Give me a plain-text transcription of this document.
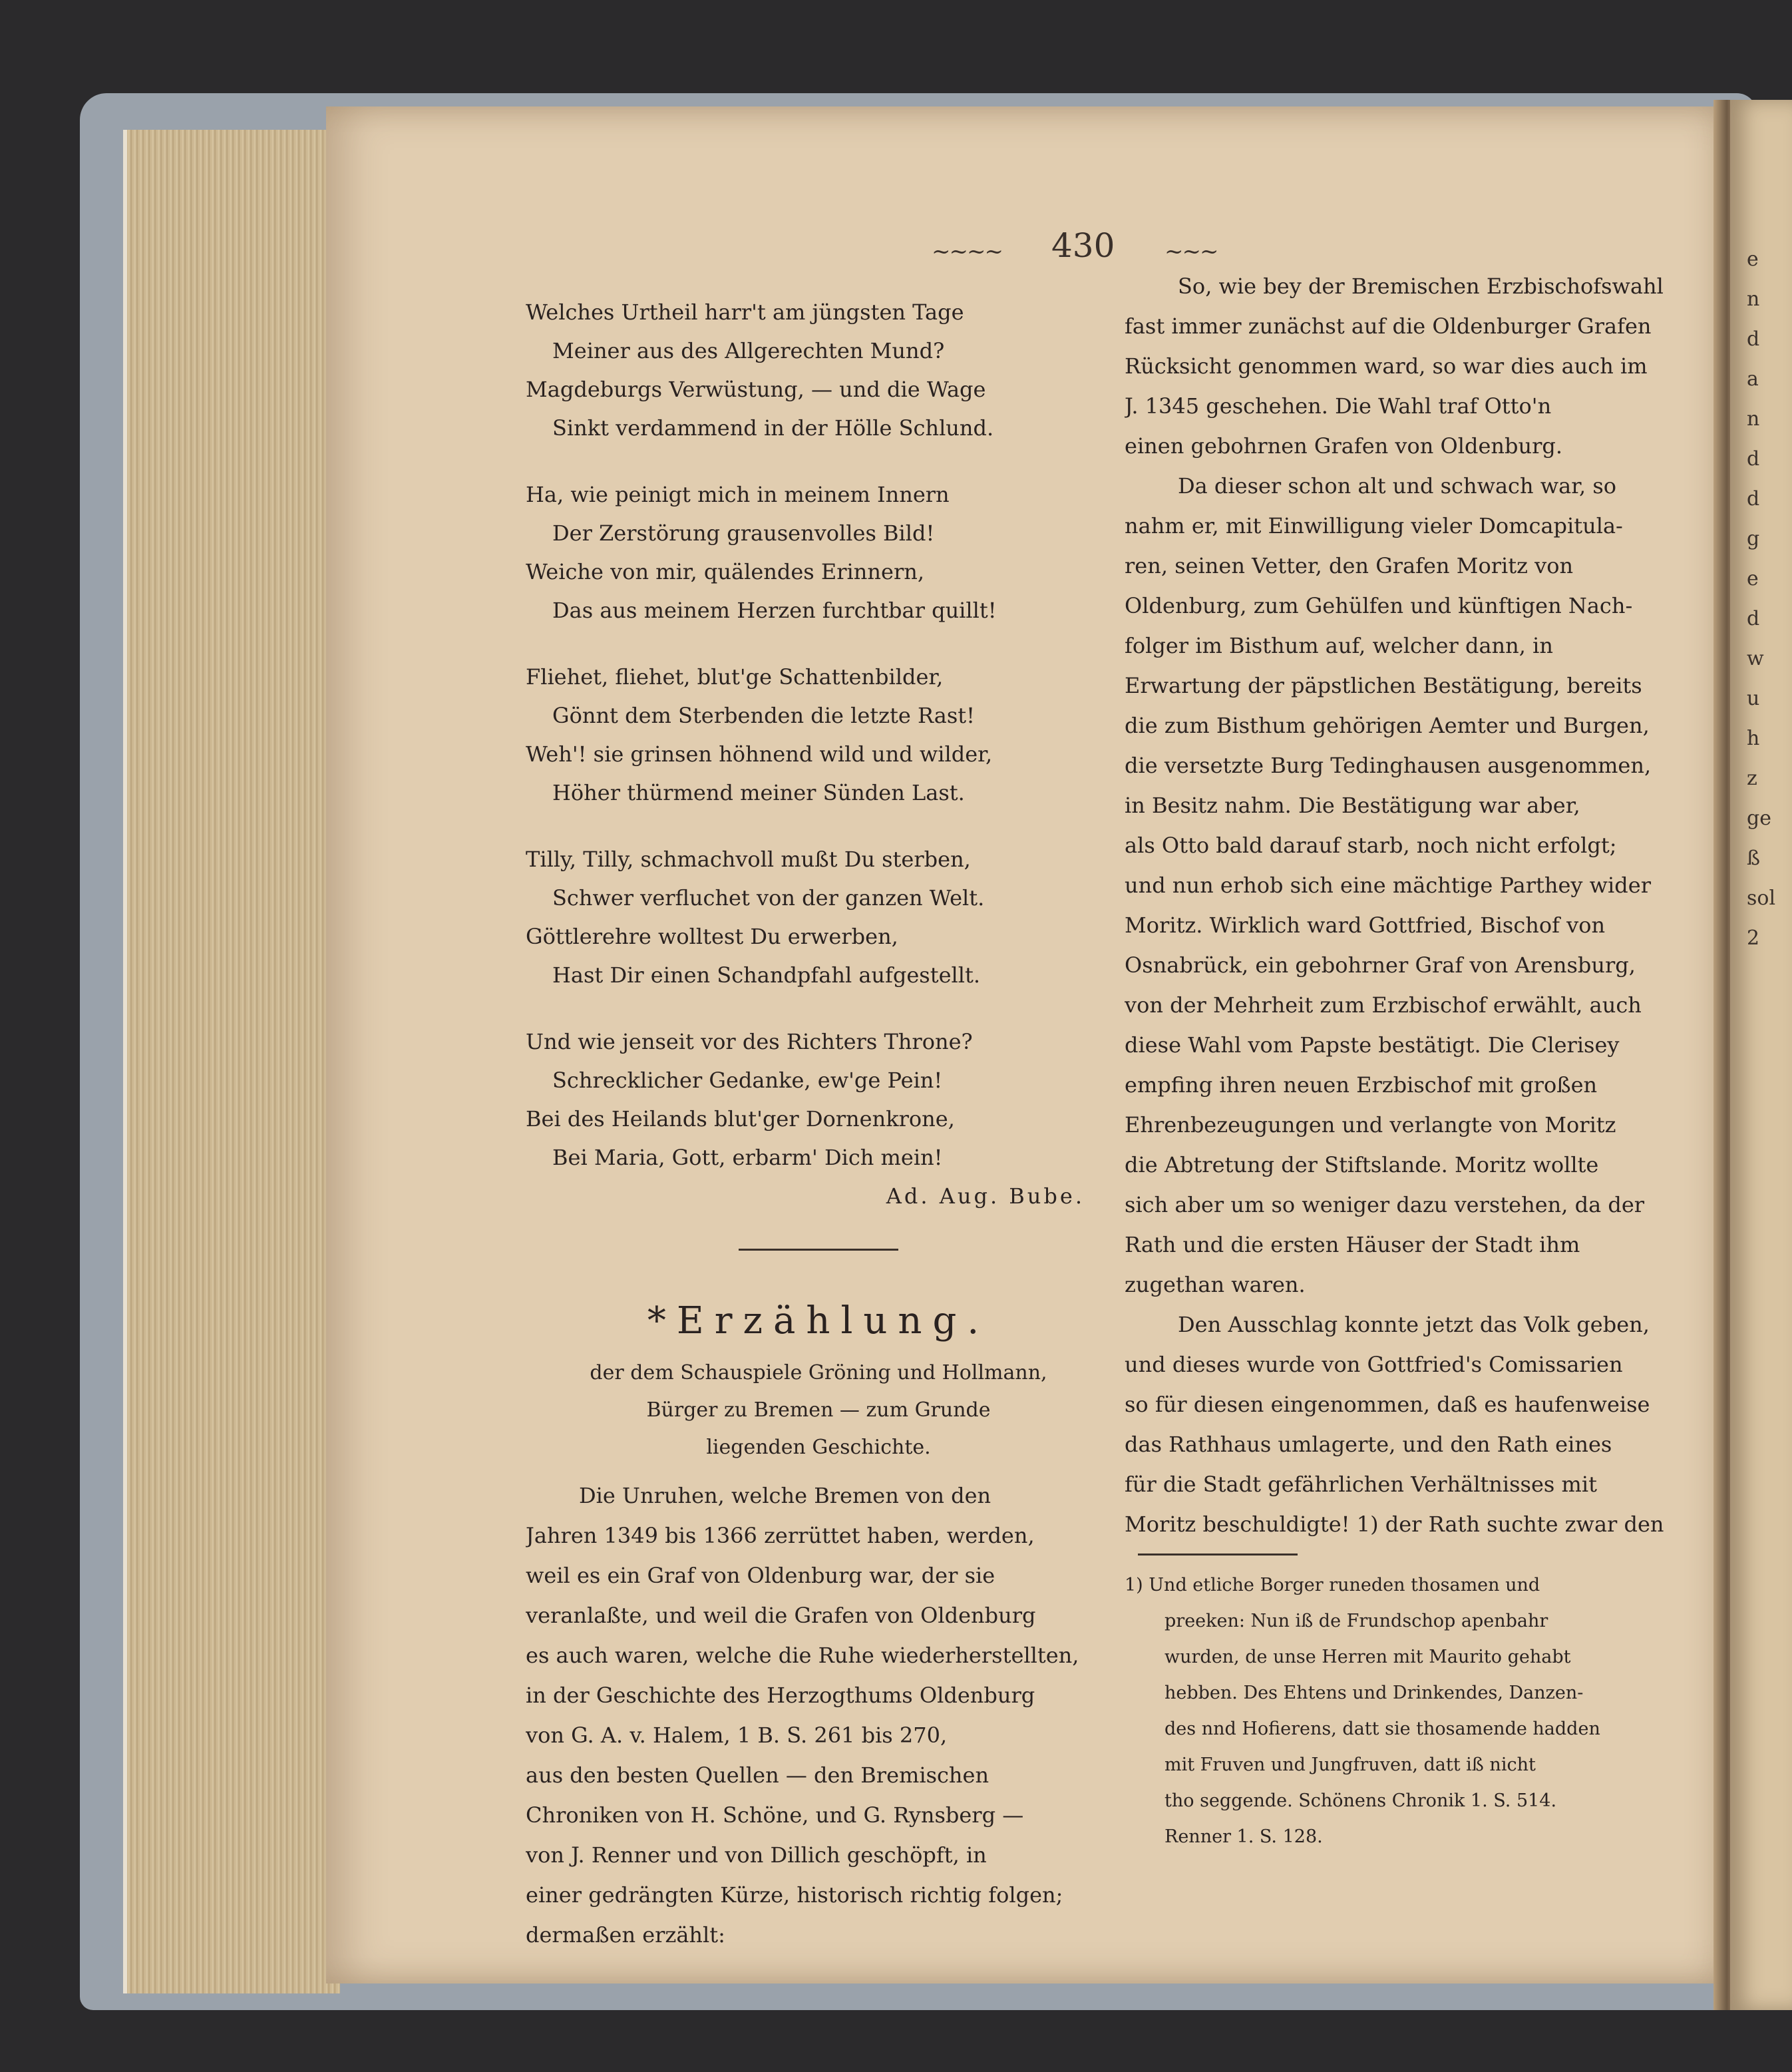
~~~~ 430 ~~~
Welches Urtheil harr't am jüngsten Tage
Meiner aus des Allgerechten Mund?
Magdeburgs Verwüstung, — und die Wage
Sinkt verdammend in der Hölle Schlund.
Ha, wie peinigt mich in meinem Innern
Der Zerstörung grausenvolles Bild!
Weiche von mir, quälendes Erinnern,
Das aus meinem Herzen furchtbar quillt!
Fliehet, fliehet, blut'ge Schattenbilder,
Gönnt dem Sterbenden die letzte Rast!
Weh'! sie grinsen höhnend wild und wilder,
Höher thürmend meiner Sünden Last.
Tilly, Tilly, schmachvoll mußt Du sterben,
Schwer verfluchet von der ganzen Welt.
Göttlerehre wolltest Du erwerben,
Hast Dir einen Schandpfahl aufgestellt.
Und wie jenseit vor des Richters Throne?
Schrecklicher Gedanke, ew'ge Pein!
Bei des Heilands blut'ger Dornenkrone,
Bei Maria, Gott, erbarm' Dich mein!
Ad. Aug. Bube.
*Erzählung.
der dem Schauspiele Gröning und Hollmann,
Bürger zu Bremen — zum Grunde
liegenden Geschichte.
Die Unruhen, welche Bremen von den
Jahren 1349 bis 1366 zerrüttet haben, werden,
weil es ein Graf von Oldenburg war, der sie
veranlaßte, und weil die Grafen von Oldenburg
es auch waren, welche die Ruhe wiederherstellten,
in der Geschichte des Herzogthums Oldenburg
von G. A. v. Halem, 1 B. S. 261 bis 270,
aus den besten Quellen — den Bremischen
Chroniken von H. Schöne, und G. Rynsberg —
von J. Renner und von Dillich geschöpft, in
einer gedrängten Kürze, historisch richtig folgen;
dermaßen erzählt:
So, wie bey der Bremischen Erzbischofswahl
fast immer zunächst auf die Oldenburger Grafen
Rücksicht genommen ward, so war dies auch im
J. 1345 geschehen. Die Wahl traf Otto'n
einen gebohrnen Grafen von Oldenburg.
Da dieser schon alt und schwach war, so
nahm er, mit Einwilligung vieler Domcapitula-
ren, seinen Vetter, den Grafen Moritz von
Oldenburg, zum Gehülfen und künftigen Nach-
folger im Bisthum auf, welcher dann, in
Erwartung der päpstlichen Bestätigung, bereits
die zum Bisthum gehörigen Aemter und Burgen,
die versetzte Burg Tedinghausen ausgenommen,
in Besitz nahm. Die Bestätigung war aber,
als Otto bald darauf starb, noch nicht erfolgt;
und nun erhob sich eine mächtige Parthey wider
Moritz. Wirklich ward Gottfried, Bischof von
Osnabrück, ein gebohrner Graf von Arensburg,
von der Mehrheit zum Erzbischof erwählt, auch
diese Wahl vom Papste bestätigt. Die Clerisey
empfing ihren neuen Erzbischof mit großen
Ehrenbezeugungen und verlangte von Moritz
die Abtretung der Stiftslande. Moritz wollte
sich aber um so weniger dazu verstehen, da der
Rath und die ersten Häuser der Stadt ihm
zugethan waren.
Den Ausschlag konnte jetzt das Volk geben,
und dieses wurde von Gottfried's Comissarien
so für diesen eingenommen, daß es haufenweise
das Rathhaus umlagerte, und den Rath eines
für die Stadt gefährlichen Verhältnisses mit
Moritz beschuldigte! 1) der Rath suchte zwar den
1) Und etliche Borger runeden thosamen und
preeken: Nun iß de Frundschop apenbahr
wurden, de unse Herren mit Maurito gehabt
hebben. Des Ehtens und Drinkendes, Danzen-
des nnd Hofierens, datt sie thosamende hadden
mit Fruven und Jungfruven, datt iß nicht
tho seggende. Schönens Chronik 1. S. 514.
Renner 1. S. 128.
e
n
d
a
n
d
d
g
e
d
w
u
h
z
ge
ß
sol
2
